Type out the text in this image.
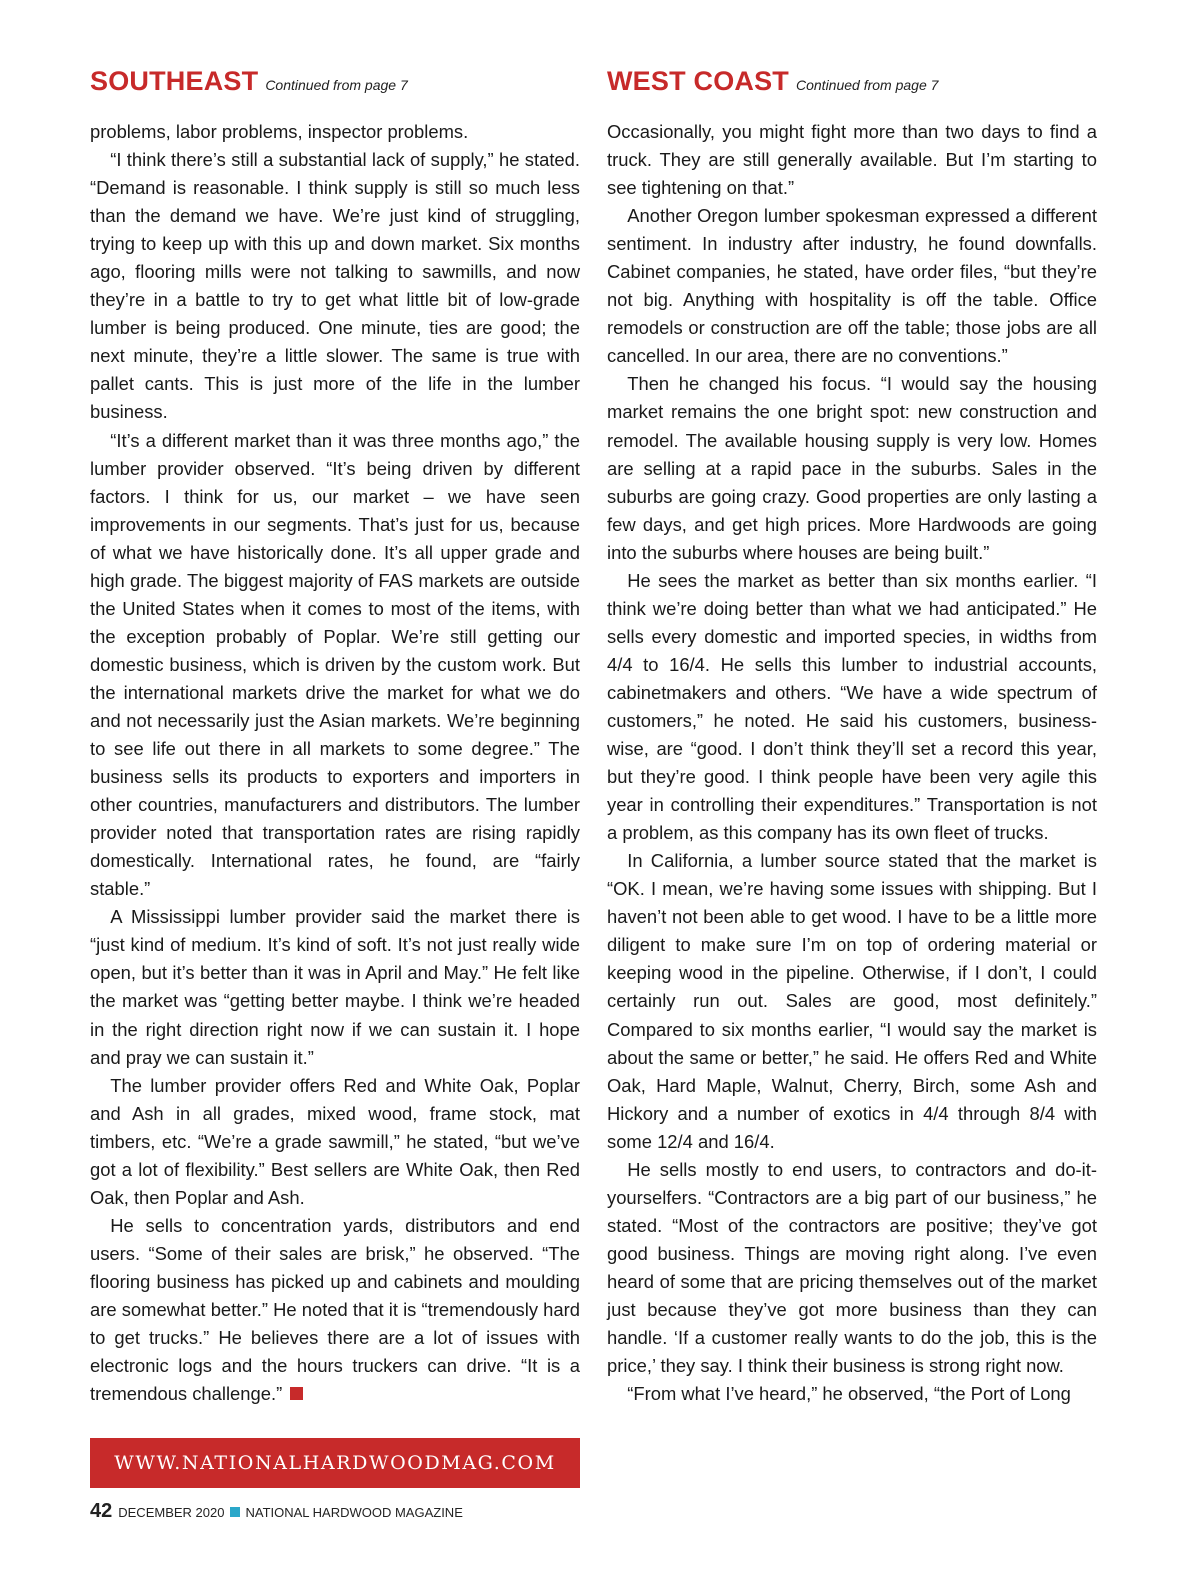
SOUTHEAST Continued from page 7

problems, labor problems, inspector problems.

“I think there’s still a substantial lack of supply,” he stated. “Demand is reasonable. I think supply is still so much less than the demand we have. We’re just kind of struggling, trying to keep up with this up and down market. Six months ago, flooring mills were not talking to sawmills, and now they’re in a battle to try to get what little bit of low-grade lumber is being produced. One minute, ties are good; the next minute, they’re a little slower. The same is true with pallet cants. This is just more of the life in the lumber business.

“It’s a different market than it was three months ago,” the lumber provider observed. “It’s being driven by different factors. I think for us, our market – we have seen improvements in our segments. That’s just for us, because of what we have historically done. It’s all upper grade and high grade. The biggest majority of FAS markets are outside the United States when it comes to most of the items, with the exception probably of Poplar. We’re still getting our domestic business, which is driven by the custom work. But the international markets drive the market for what we do and not necessarily just the Asian markets. We’re beginning to see life out there in all markets to some degree.” The business sells its products to exporters and importers in other countries, manufacturers and distributors. The lumber provider noted that transportation rates are rising rapidly domestically. International rates, he found, are “fairly stable.”

A Mississippi lumber provider said the market there is “just kind of medium. It’s kind of soft. It’s not just really wide open, but it’s better than it was in April and May.” He felt like the market was “getting better maybe. I think we’re headed in the right direction right now if we can sustain it. I hope and pray we can sustain it.”

The lumber provider offers Red and White Oak, Poplar and Ash in all grades, mixed wood, frame stock, mat timbers, etc. “We’re a grade sawmill,” he stated, “but we’ve got a lot of flexibility.” Best sellers are White Oak, then Red Oak, then Poplar and Ash.

He sells to concentration yards, distributors and end users. “Some of their sales are brisk,” he observed. “The flooring business has picked up and cabinets and moulding are somewhat better.” He noted that it is “tremendously hard to get trucks.” He believes there are a lot of issues with electronic logs and the hours truckers can drive. “It is a tremendous challenge.”

WEST COAST Continued from page 7

Occasionally, you might fight more than two days to find a truck. They are still generally available. But I’m starting to see tightening on that.”

Another Oregon lumber spokesman expressed a different sentiment. In industry after industry, he found downfalls. Cabinet companies, he stated, have order files, “but they’re not big. Anything with hospitality is off the table. Office remodels or construction are off the table; those jobs are all cancelled. In our area, there are no conventions.”

Then he changed his focus. “I would say the housing market remains the one bright spot: new construction and remodel. The available housing supply is very low. Homes are selling at a rapid pace in the suburbs. Sales in the suburbs are going crazy. Good properties are only lasting a few days, and get high prices. More Hardwoods are going into the suburbs where houses are being built.”

He sees the market as better than six months earlier. “I think we’re doing better than what we had anticipated.” He sells every domestic and imported species, in widths from 4/4 to 16/4. He sells this lumber to industrial accounts, cabinetmakers and others. “We have a wide spectrum of customers,” he noted. He said his customers, business-wise, are “good. I don’t think they’ll set a record this year, but they’re good. I think people have been very agile this year in controlling their expenditures.” Transportation is not a problem, as this company has its own fleet of trucks.

In California, a lumber source stated that the market is “OK. I mean, we’re having some issues with shipping. But I haven’t not been able to get wood. I have to be a little more diligent to make sure I’m on top of ordering material or keeping wood in the pipeline. Otherwise, if I don’t, I could certainly run out. Sales are good, most definitely.” Compared to six months earlier, “I would say the market is about the same or better,” he said. He offers Red and White Oak, Hard Maple, Walnut, Cherry, Birch, some Ash and Hickory and a number of exotics in 4/4 through 8/4 with some 12/4 and 16/4.

He sells mostly to end users, to contractors and do-it-yourselfers. “Contractors are a big part of our business,” he stated. “Most of the contractors are positive; they’ve got good business. Things are moving right along. I’ve even heard of some that are pricing themselves out of the market just because they’ve got more business than they can handle. ‘If a customer really wants to do the job, this is the price,’ they say. I think their business is strong right now.

“From what I’ve heard,” he observed, “the Port of Long

WWW.NATIONALHARDWOODMAG.COM
42 DECEMBER 2020 NATIONAL HARDWOOD MAGAZINE
